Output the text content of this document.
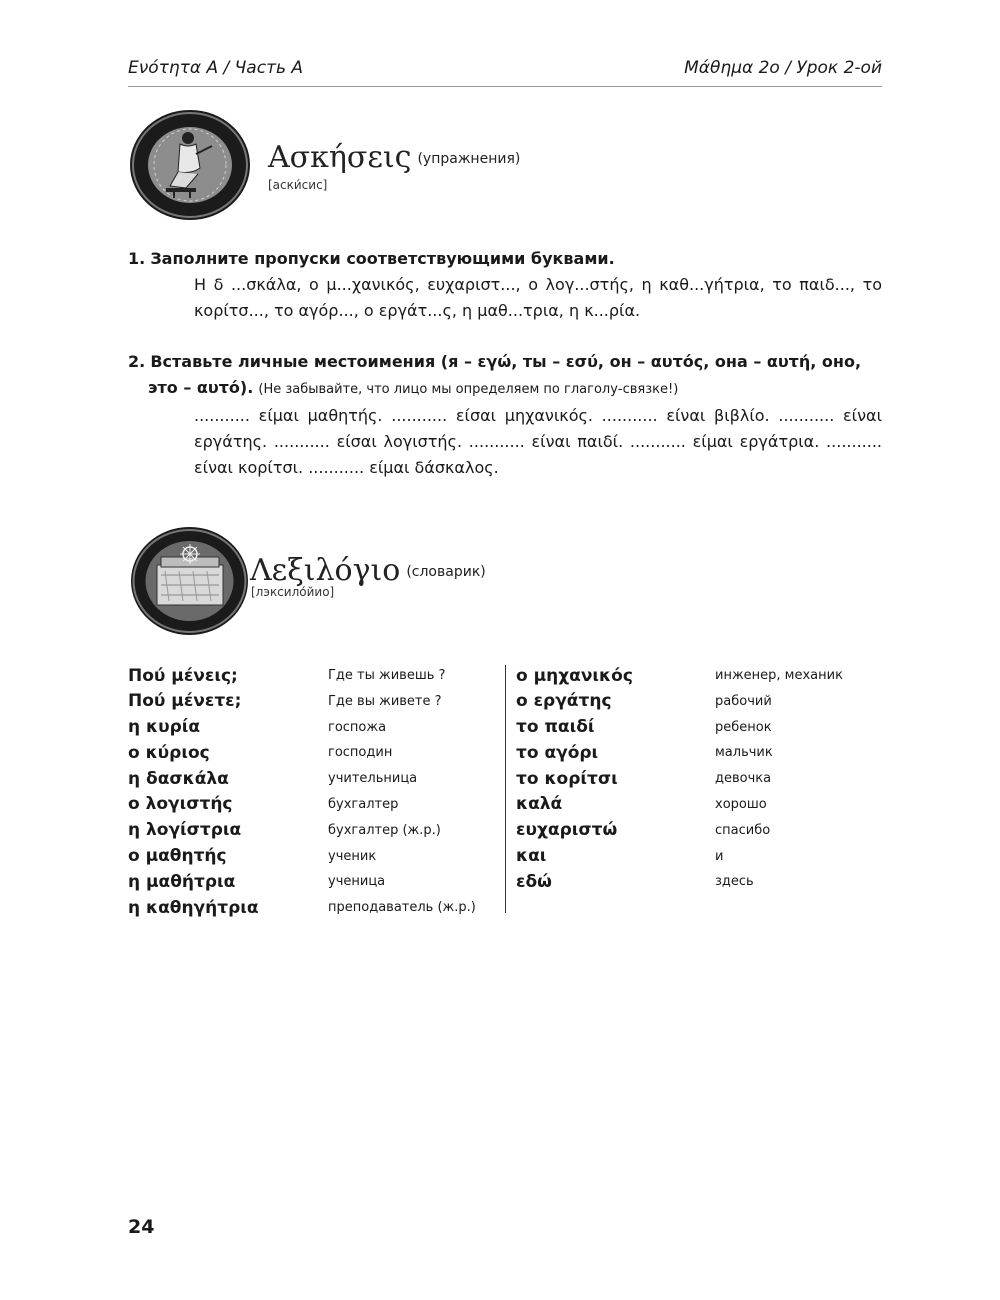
Ενότητα Α / Часть А	Μάθημα 2ο / Урок 2-ой
Ασκήσεις $^{(упражнения)}$
[аски́сис]
1. Заполните пропуски соответствующими буквами.
Η δ ...σκάλα, ο μ...χανικός, ευχαριστ..., ο λογ...στής, η καθ...γήτρια, το παιδ..., το κορίτσ..., το αγόρ..., ο εργάτ...ς, η μαθ...τρια, η κ...ρία.
2. Вставьте личные местоимения (я – εγώ, ты – εσύ, он – αυτός, она – αυτή, оно,
это – αυτό). (Не забывайте, что лицо мы определяем по глаголу-связке!)
........... είμαι μαθητής. ........... είσαι μηχανικός. ........... είναι βιβλίο. ........... είναι εργάτης. ........... είσαι λογιστής. ........... είναι παιδί. ........... είμαι εργάτρια. ........... είναι κορίτσι. ........... είμαι δάσκαλος.
Λεξιλόγιο $^{(словарик)}$
[лэксило́йио]
Πού μένεις;	Где ты живешь ?
Πού μένετε;	Где вы живете ?
η κυρία	госпожа
ο κύριος	господин
η δασκάλα	учительница
ο λογιστής	бухгалтер
η λογίστρια	бухгалтер (ж.р.)
ο μαθητής	ученик
η μαθήτρια	ученица
η καθηγήτρια	преподаватель (ж.р.)
ο μηχανικός	инженер, механик
ο εργάτης	рабочий
το παιδί	ребенок
το αγόρι	мальчик
το κορίτσι	девочка
καλά	хорошо
ευχαριστώ	спасибо
και	и
εδώ	здесь
24
